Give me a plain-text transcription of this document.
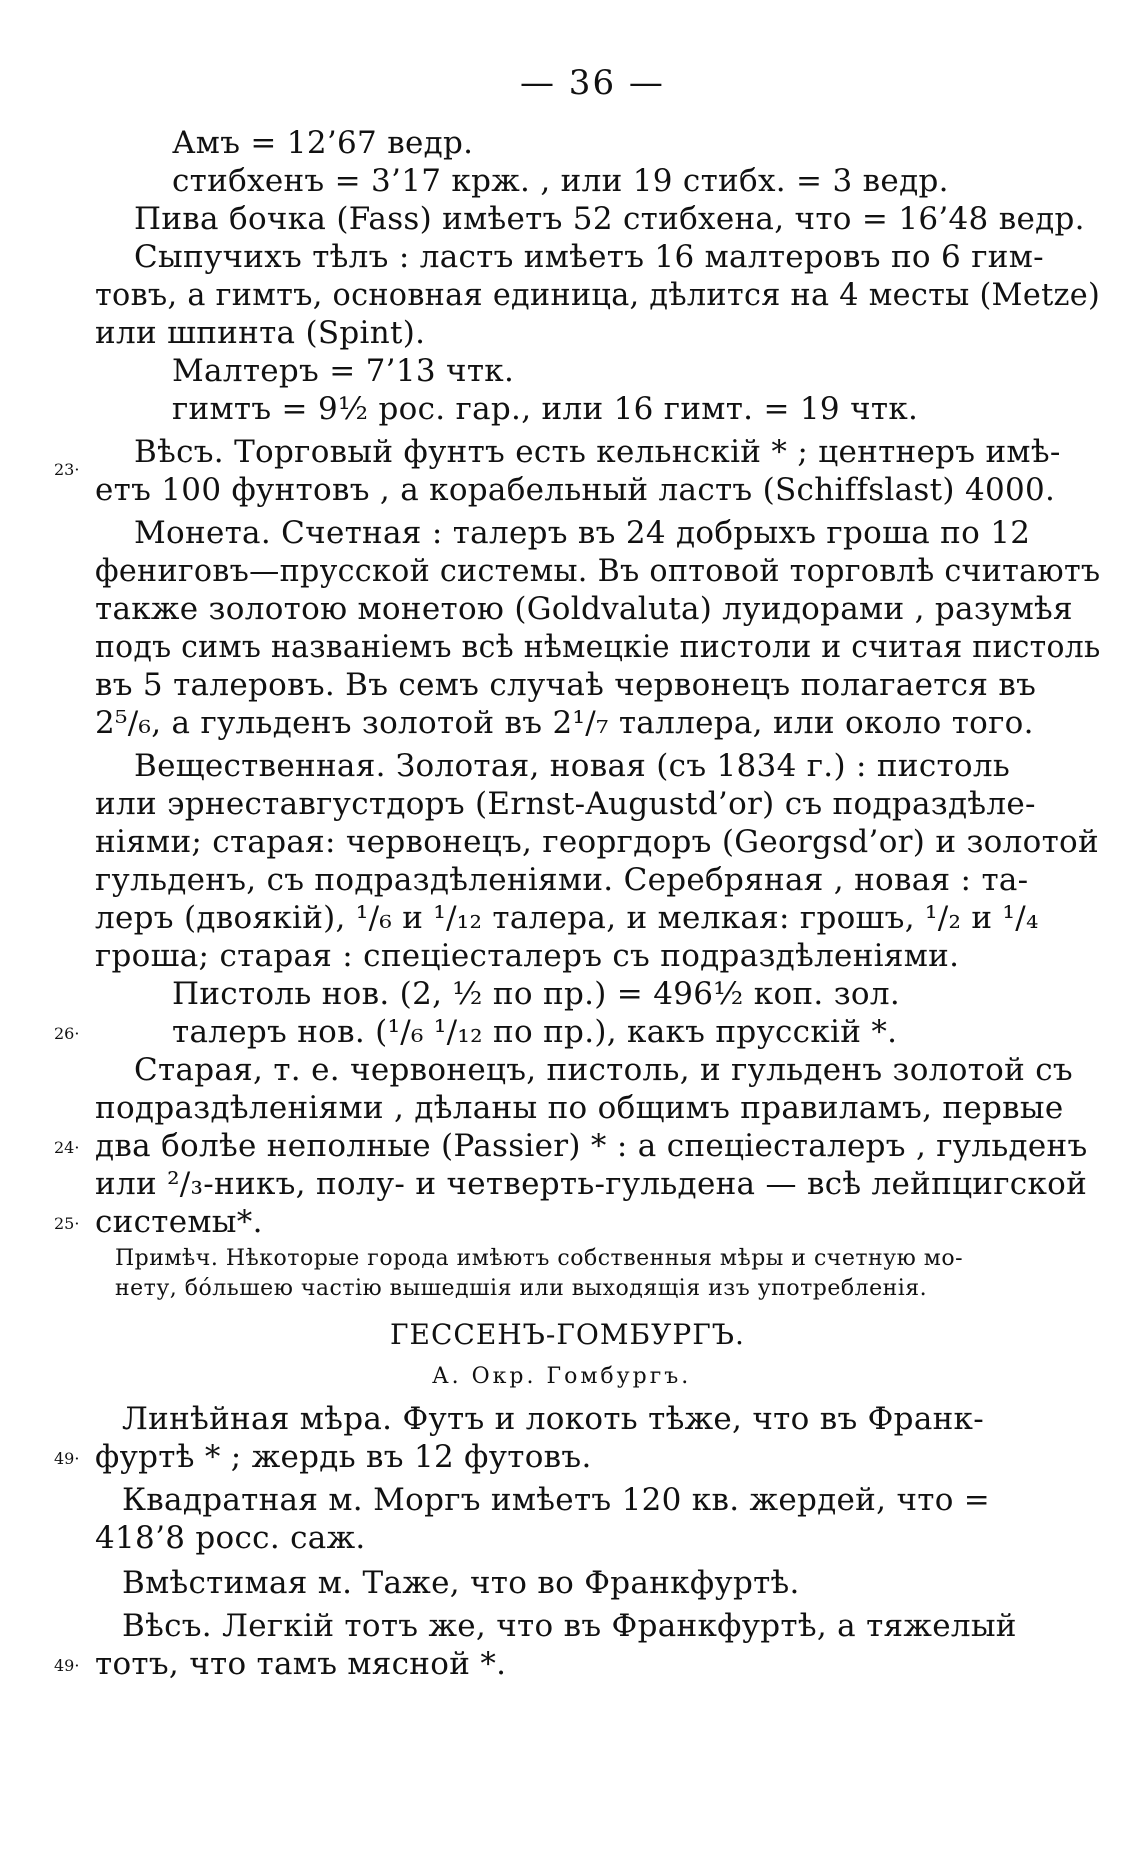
— 36 —
Амъ = 12’67 ведр.
стибхенъ = 3’17 крж. , или 19 стибх. = 3 ведр.
Пива бочка (Fass) имѣетъ 52 стибхена, что = 16’48 ведр.
Сыпучихъ тѣлъ : ластъ имѣетъ 16 малтеровъ по 6 гим-
товъ, а гимтъ, основная единица, дѣлится на 4 месты (Metze)
или шпинта (Spint).
Малтеръ = 7’13 чтк.
гимтъ = 9½ рос. гар., или 16 гимт. = 19 чтк.
Вѣсъ. Торговый фунтъ есть кельнскій * ; центнеръ имѣ-
етъ 100 фунтовъ , а корабельный ластъ (Schiffslast) 4000.
Монета. Счетная : талеръ въ 24 добрыхъ гроша по 12
фениговъ—прусской системы. Въ оптовой торговлѣ считаютъ
также золотою монетою (Goldvaluta) луидорами , разумѣя
подъ симъ названіемъ всѣ нѣмецкіе пистоли и считая пистоль
въ 5 талеровъ. Въ семъ случаѣ червонецъ полагается въ
2⁵/₆, а гульденъ золотой въ 2¹/₇ таллера, или около того.
Вещественная. Золотая, новая (съ 1834 г.) : пистоль
или эрнеставгустдоръ (Ernst-Augustd’or) съ подраздѣле-
ніями; старая: червонецъ, георгдоръ (Georgsd’or) и золотой
гульденъ, съ подраздѣленіями. Серебряная , новая : та-
леръ (двоякій), ¹/₆ и ¹/₁₂ талера, и мелкая: грошъ, ¹/₂ и ¹/₄
гроша; старая : спецiесталеръ съ подраздѣленiями.
Пистоль нов. (2, ½ по пр.) = 496½ коп. зол.
талеръ нов. (¹/₆ ¹/₁₂ по пр.), какъ прусскій *.
Старая, т. е. червонецъ, пистоль, и гульденъ золотой съ
подраздѣленіями , дѣланы по общимъ правиламъ, первые
два болѣе неполные (Passier) * : а спецiесталеръ , гульденъ
или ²/₃-никъ, полу- и четверть-гульдена — всѣ лейпцигской
системы*.
Примѣч. Нѣкоторые города имѣютъ собственныя мѣры и счетную мо-
нету, бóльшею частію вышедшія или выходящія изъ употребленія.
ГЕССЕНЪ-ГОМБУРГЪ.
А. Окр. Гомбургъ.
Линѣйная мѣра. Футъ и локоть тѣже, что въ Франк-
фуртѣ * ; жердь въ 12 футовъ.
Квадратная м. Моргъ имѣетъ 120 кв. жердей, что =
418’8 росс. саж.
Вмѣстимая м. Таже, что во Франкфуртѣ.
Вѣсъ. Легкій тотъ же, что въ Франкфуртѣ, а тяжелый
тотъ, что тамъ мясной *.
23·
26·
24·
25·
49·
49·
